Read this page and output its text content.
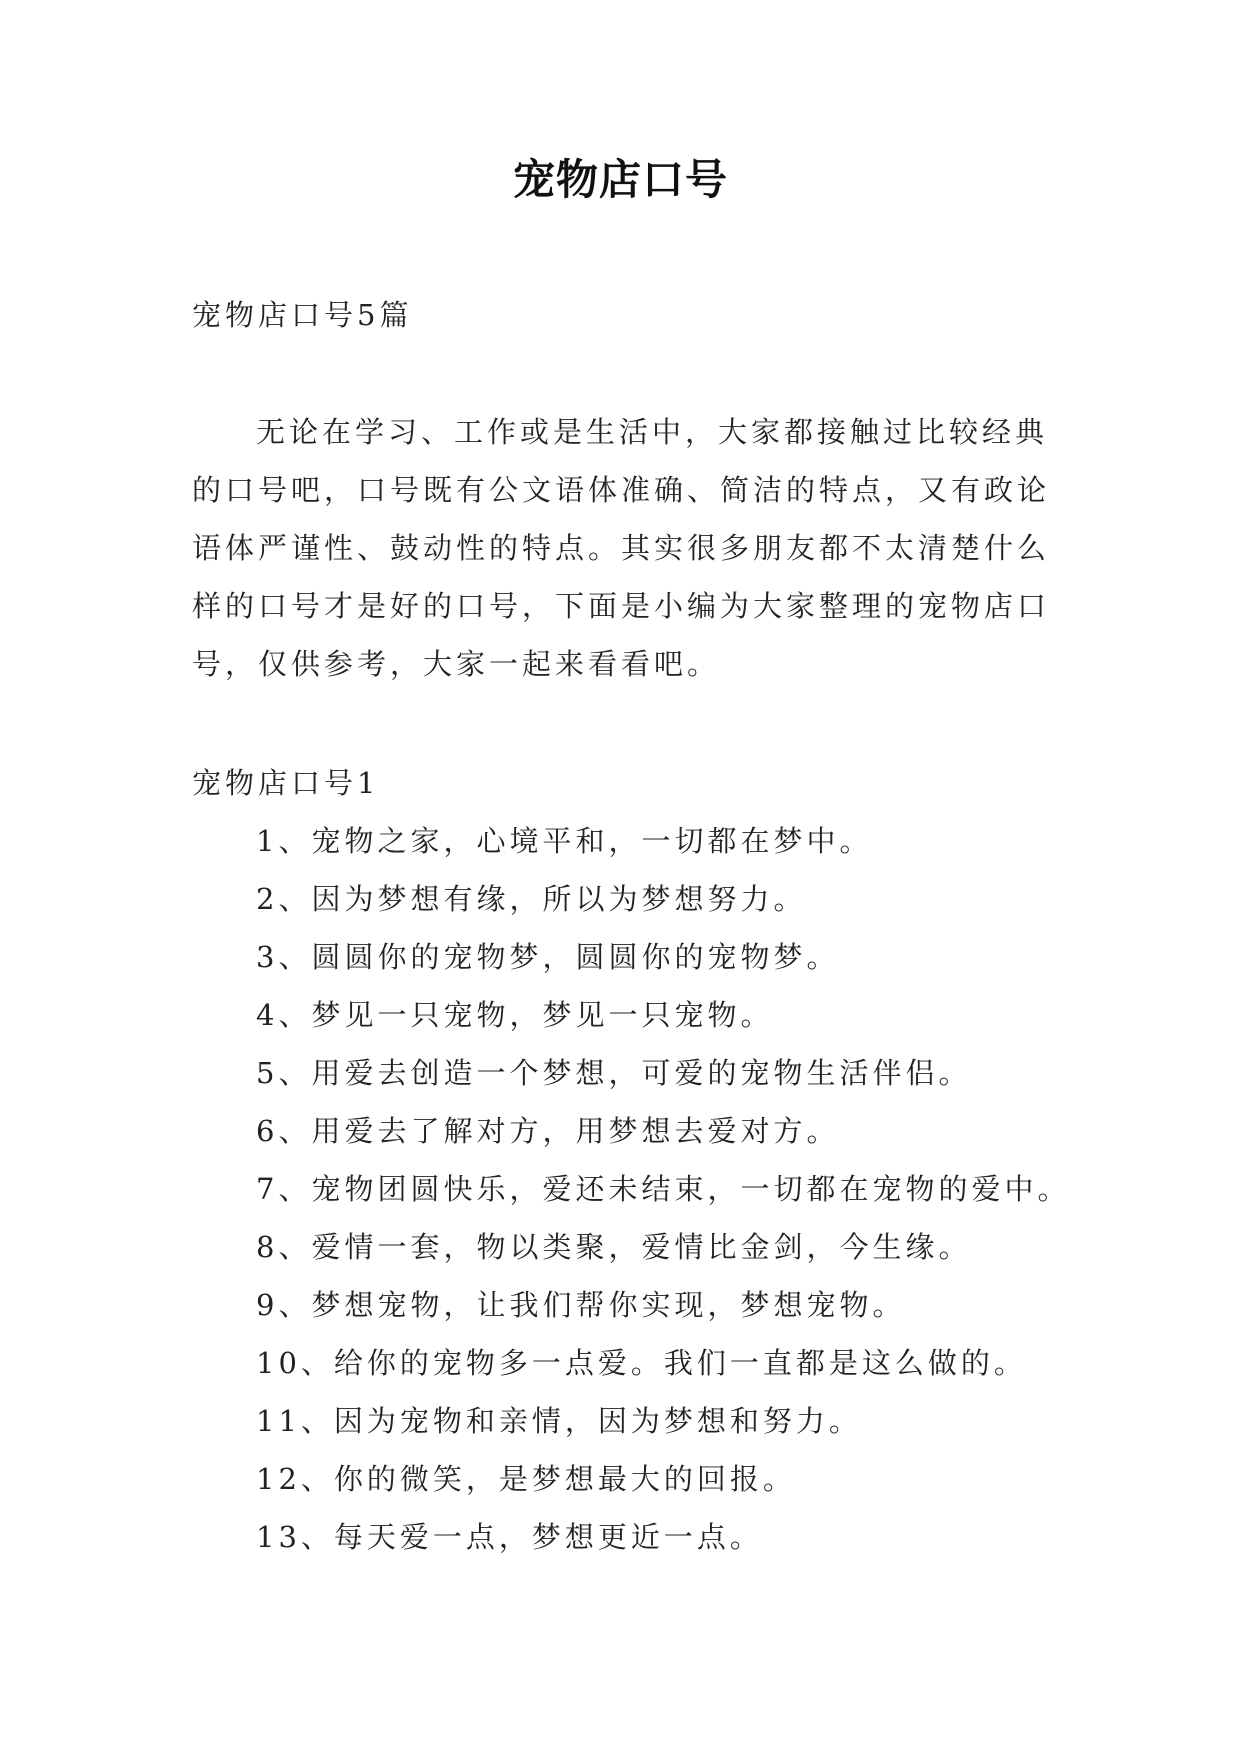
宠物店口号
宠物店口号5篇
无论在学习、工作或是生活中，大家都接触过比较经典
的口号吧，口号既有公文语体准确、简洁的特点，又有政论
语体严谨性、鼓动性的特点。其实很多朋友都不太清楚什么
样的口号才是好的口号，下面是小编为大家整理的宠物店口
号，仅供参考，大家一起来看看吧。
宠物店口号1
1、宠物之家，心境平和，一切都在梦中。
2、因为梦想有缘，所以为梦想努力。
3、圆圆你的宠物梦，圆圆你的宠物梦。
4、梦见一只宠物，梦见一只宠物。
5、用爱去创造一个梦想，可爱的宠物生活伴侣。
6、用爱去了解对方，用梦想去爱对方。
7、宠物团圆快乐，爱还未结束，一切都在宠物的爱中。
8、爱情一套，物以类聚，爱情比金剑，今生缘。
9、梦想宠物，让我们帮你实现，梦想宠物。
10、给你的宠物多一点爱。我们一直都是这么做的。
11、因为宠物和亲情，因为梦想和努力。
12、你的微笑，是梦想最大的回报。
13、每天爱一点，梦想更近一点。
